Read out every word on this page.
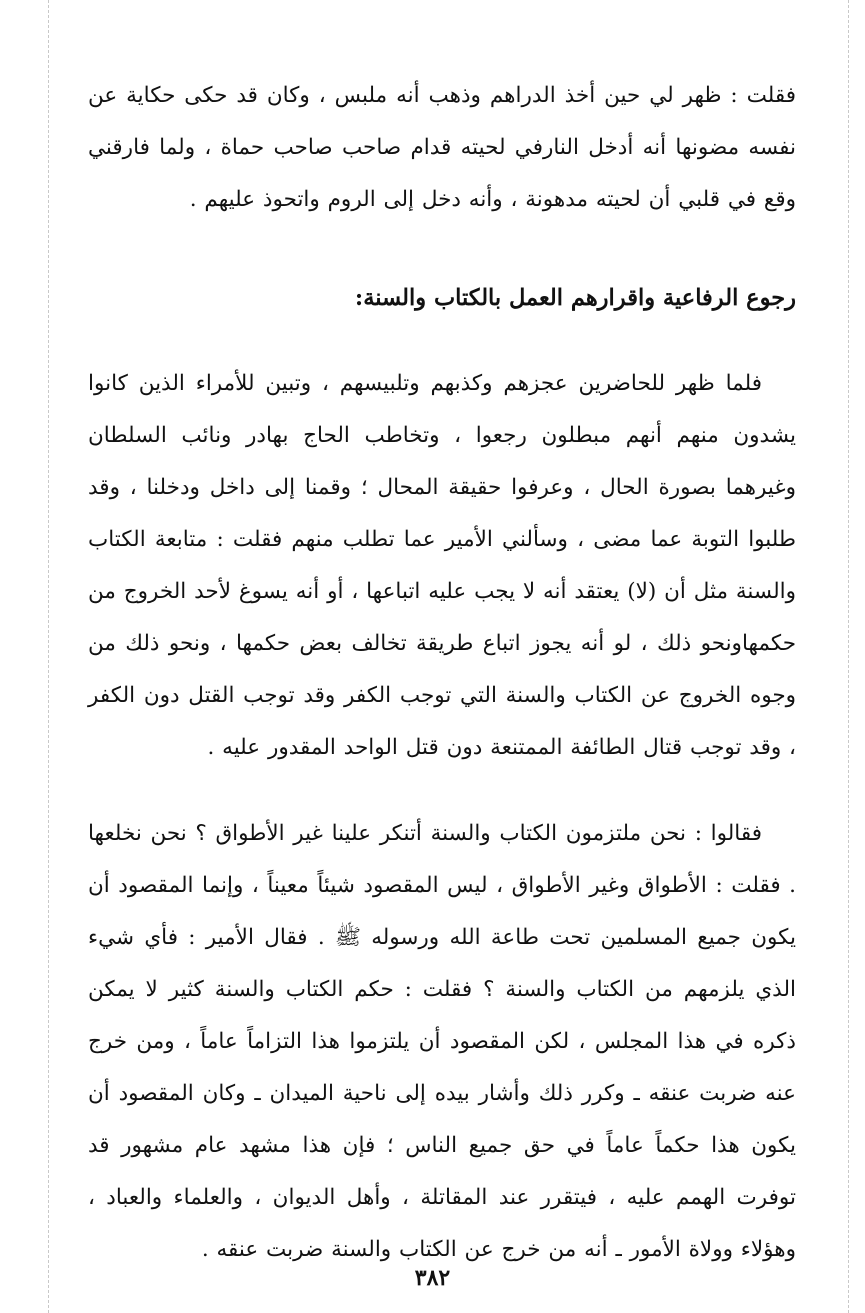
فقلت : ظهر لي حين أخذ الدراهم وذهب أنه ملبس ، وكان قد حكى حكاية عن نفسه مضونها أنه أدخل النارفي لحيته قدام صاحب صاحب حماة ، ولما فارقني وقع في قلبي أن لحيته مدهونة ، وأنه دخل إلى الروم واتحوذ عليهم .

رجوع الرفاعية واقرارهم العمل بالكتاب والسنة:

فلما ظهر للحاضرين عجزهم وكذبهم وتلبيسهم ، وتبين للأمراء الذين كانوا يشدون منهم أنهم مبطلون رجعوا ، وتخاطب الحاج بهادر ونائب السلطان وغيرهما بصورة الحال ، وعرفوا حقيقة المحال ؛ وقمنا إلى داخل ودخلنا ، وقد طلبوا التوبة عما مضى ، وسألني الأمير عما تطلب منهم فقلت : متابعة الكتاب والسنة مثل أن (لا) يعتقد أنه لا يجب عليه اتباعها ، أو أنه يسوغ لأحد الخروج من حكمهاونحو ذلك ، لو أنه يجوز اتباع طريقة تخالف بعض حكمها ، ونحو ذلك من وجوه الخروج عن الكتاب والسنة التي توجب الكفر وقد توجب القتل دون الكفر ، وقد توجب قتال الطائفة الممتنعة دون قتل الواحد المقدور عليه .

فقالوا : نحن ملتزمون الكتاب والسنة أتنكر علينا غير الأطواق ؟ نحن نخلعها . فقلت : الأطواق وغير الأطواق ، ليس المقصود شيئاً معيناً ، وإنما المقصود أن يكون جميع المسلمين تحت طاعة الله ورسوله ﷺ . فقال الأمير : فأي شيء الذي يلزمهم من الكتاب والسنة ؟ فقلت : حكم الكتاب والسنة كثير لا يمكن ذكره في هذا المجلس ، لكن المقصود أن يلتزموا هذا التزاماً عاماً ، ومن خرج عنه ضربت عنقه ـ وكرر ذلك وأشار بيده إلى ناحية الميدان ـ وكان المقصود أن يكون هذا حكماً عاماً في حق جميع الناس ؛ فإن هذا مشهد عام مشهور قد توفرت الهمم عليه ، فيتقرر عند المقاتلة ، وأهل الديوان ، والعلماء والعباد ، وهؤلاء وولاة الأمور ـ أنه من خرج عن الكتاب والسنة ضربت عنقه .

٣٨٢
